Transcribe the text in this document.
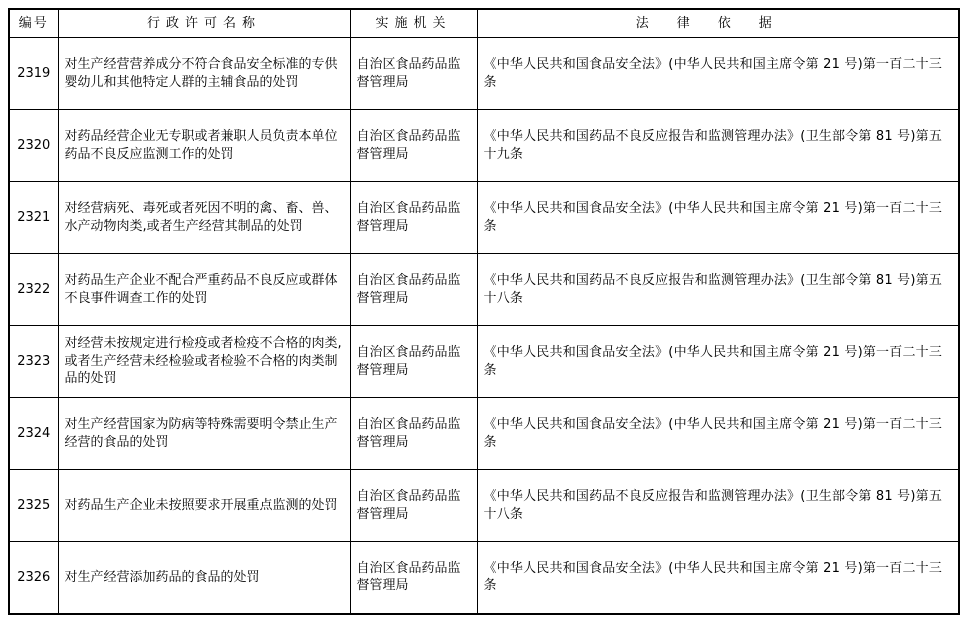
编号	行政许可名称	实施机关	法律依据
2319	对生产经营营养成分不符合食品安全标准的专供婴幼儿和其他特定人群的主辅食品的处罚	自治区食品药品监督管理局	《中华人民共和国食品安全法》(中华人民共和国主席令第 21 号)第一百二十三条
2320	对药品经营企业无专职或者兼职人员负责本单位药品不良反应监测工作的处罚	自治区食品药品监督管理局	《中华人民共和国药品不良反应报告和监测管理办法》(卫生部令第 81 号)第五十九条
2321	对经营病死、毒死或者死因不明的禽、畜、兽、水产动物肉类,或者生产经营其制品的处罚	自治区食品药品监督管理局	《中华人民共和国食品安全法》(中华人民共和国主席令第 21 号)第一百二十三条
2322	对药品生产企业不配合严重药品不良反应或群体不良事件调查工作的处罚	自治区食品药品监督管理局	《中华人民共和国药品不良反应报告和监测管理办法》(卫生部令第 81 号)第五十八条
2323	对经营未按规定进行检疫或者检疫不合格的肉类,或者生产经营未经检验或者检验不合格的肉类制品的处罚	自治区食品药品监督管理局	《中华人民共和国食品安全法》(中华人民共和国主席令第 21 号)第一百二十三条
2324	对生产经营国家为防病等特殊需要明令禁止生产经营的食品的处罚	自治区食品药品监督管理局	《中华人民共和国食品安全法》(中华人民共和国主席令第 21 号)第一百二十三条
2325	对药品生产企业未按照要求开展重点监测的处罚	自治区食品药品监督管理局	《中华人民共和国药品不良反应报告和监测管理办法》(卫生部令第 81 号)第五十八条
2326	对生产经营添加药品的食品的处罚	自治区食品药品监督管理局	《中华人民共和国食品安全法》(中华人民共和国主席令第 21 号)第一百二十三条
